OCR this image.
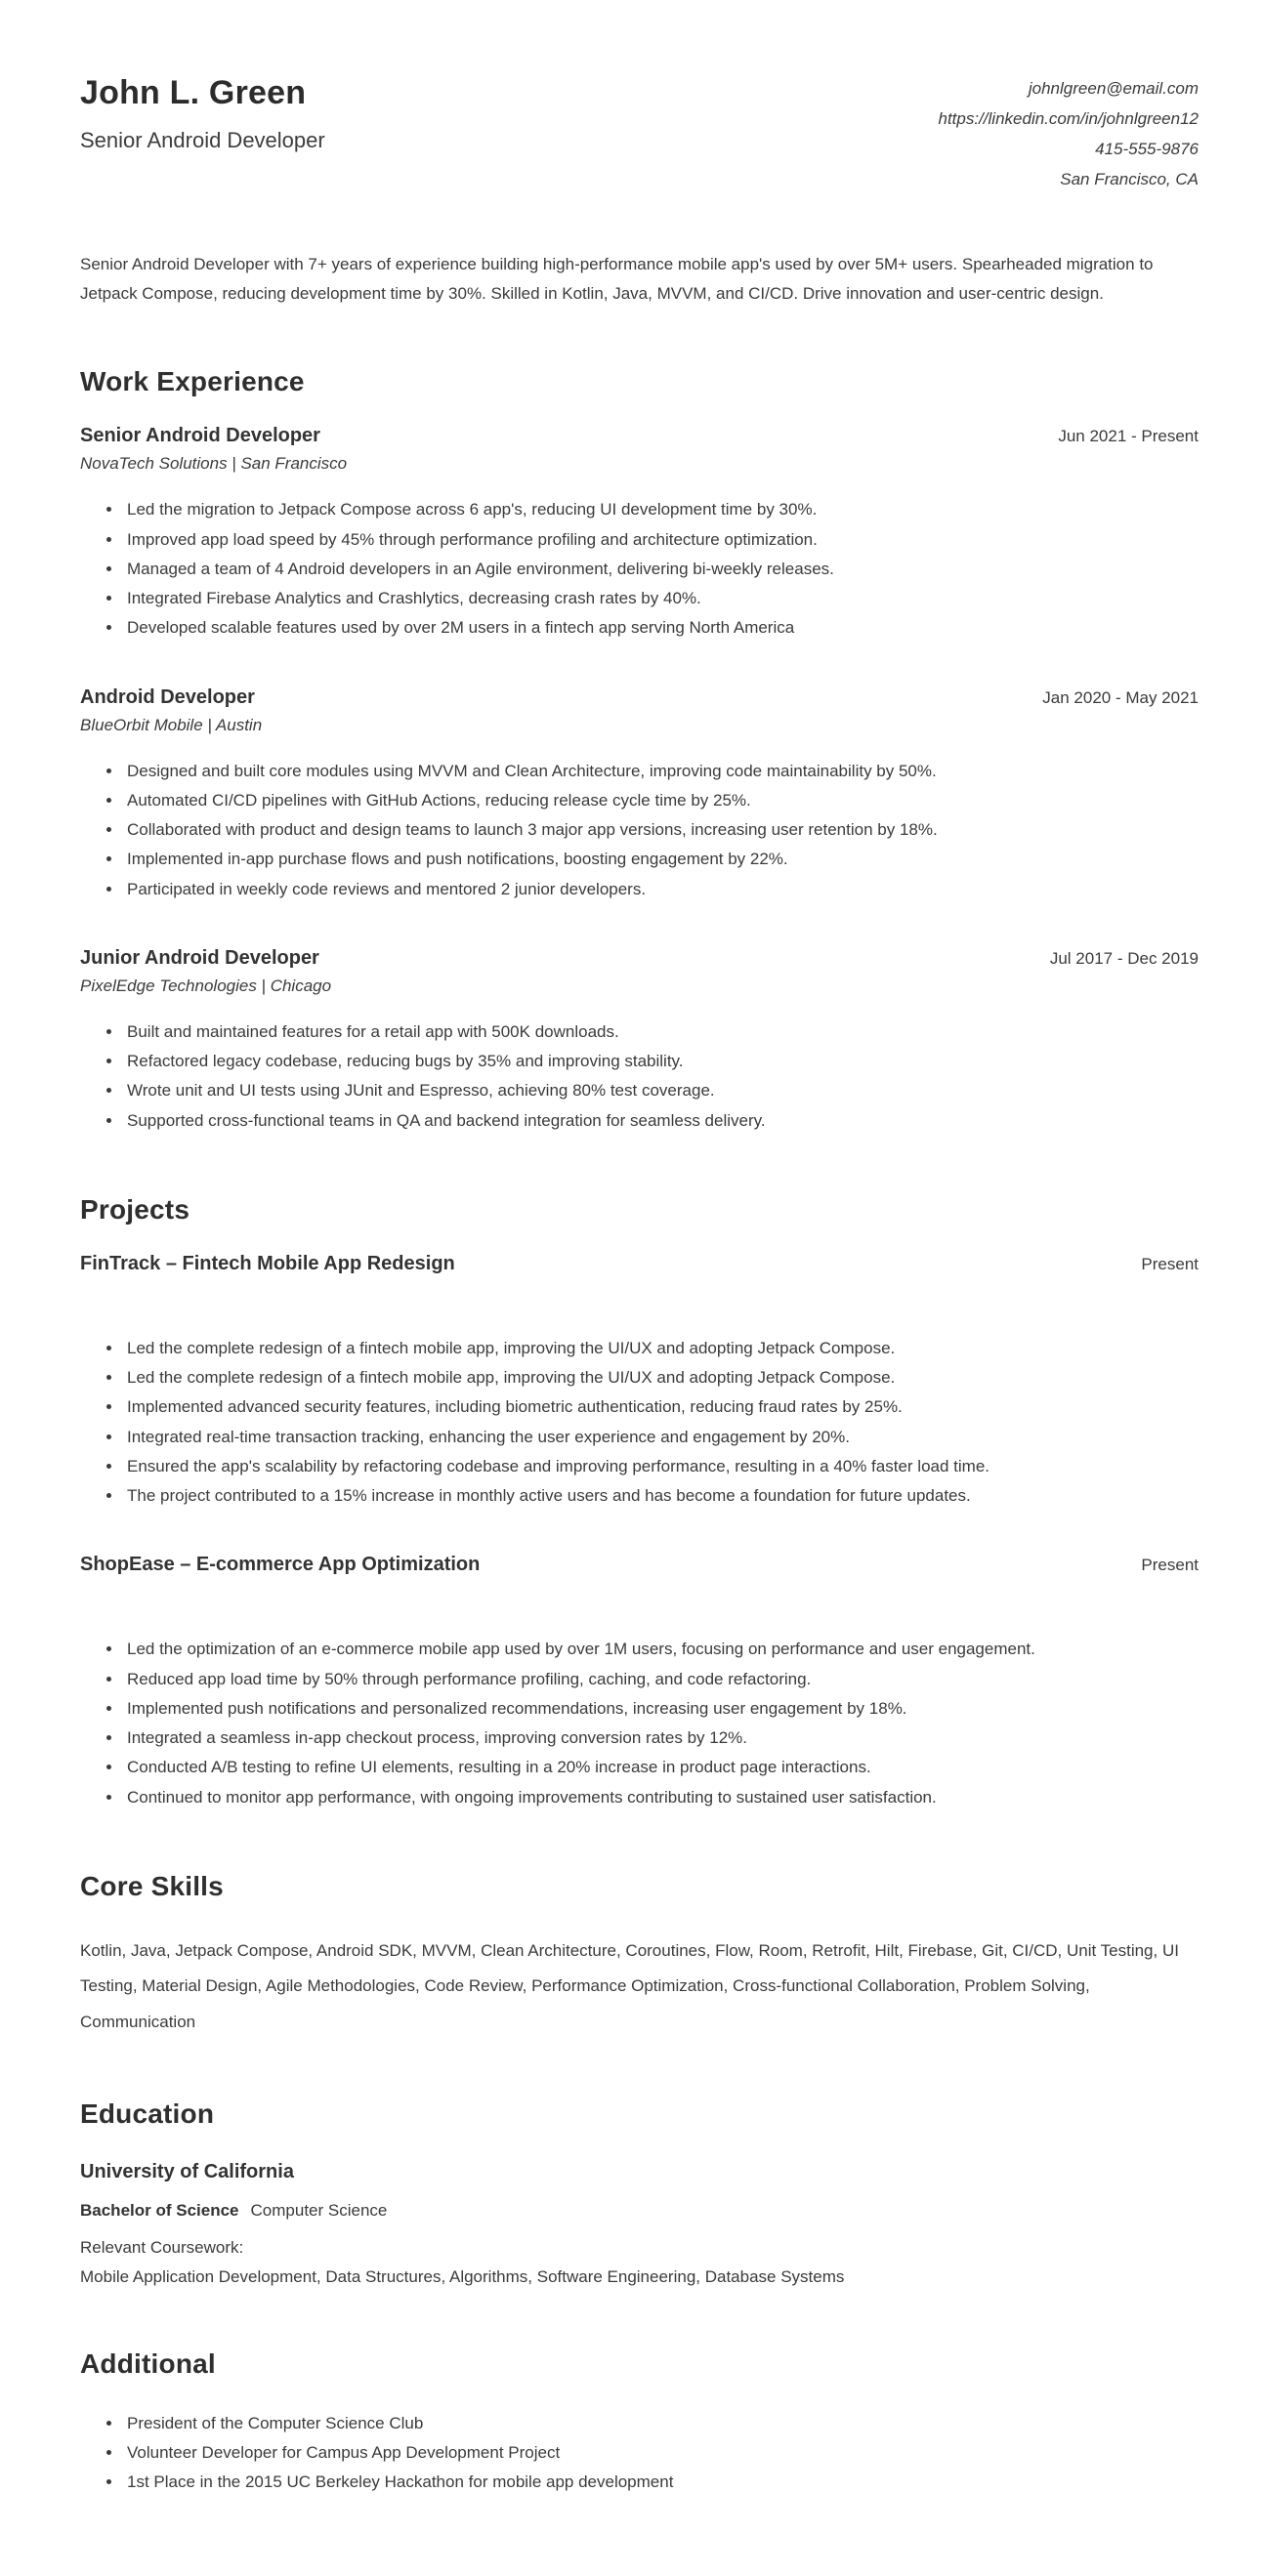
John L. Green
Senior Android Developer
johnlgreen@email.com
https://linkedin.com/in/johnlgreen12
415-555-9876
San Francisco, CA

Senior Android Developer with 7+ years of experience building high-performance mobile app's used by over 5M+ users. Spearheaded migration to Jetpack Compose, reducing development time by 30%. Skilled in Kotlin, Java, MVVM, and CI/CD. Drive innovation and user-centric design.

Work Experience
Senior Android Developer	Jun 2021 - Present
NovaTech Solutions | San Francisco
• Led the migration to Jetpack Compose across 6 app's, reducing UI development time by 30%.
• Improved app load speed by 45% through performance profiling and architecture optimization.
• Managed a team of 4 Android developers in an Agile environment, delivering bi-weekly releases.
• Integrated Firebase Analytics and Crashlytics, decreasing crash rates by 40%.
• Developed scalable features used by over 2M users in a fintech app serving North America
Android Developer	Jan 2020 - May 2021
BlueOrbit Mobile | Austin
• Designed and built core modules using MVVM and Clean Architecture, improving code maintainability by 50%.
• Automated CI/CD pipelines with GitHub Actions, reducing release cycle time by 25%.
• Collaborated with product and design teams to launch 3 major app versions, increasing user retention by 18%.
• Implemented in-app purchase flows and push notifications, boosting engagement by 22%.
• Participated in weekly code reviews and mentored 2 junior developers.
Junior Android Developer	Jul 2017 - Dec 2019
PixelEdge Technologies | Chicago
• Built and maintained features for a retail app with 500K downloads.
• Refactored legacy codebase, reducing bugs by 35% and improving stability.
• Wrote unit and UI tests using JUnit and Espresso, achieving 80% test coverage.
• Supported cross-functional teams in QA and backend integration for seamless delivery.
Projects
FinTrack – Fintech Mobile App Redesign	Present
• Led the complete redesign of a fintech mobile app, improving the UI/UX and adopting Jetpack Compose.
• Led the complete redesign of a fintech mobile app, improving the UI/UX and adopting Jetpack Compose.
• Implemented advanced security features, including biometric authentication, reducing fraud rates by 25%.
• Integrated real-time transaction tracking, enhancing the user experience and engagement by 20%.
• Ensured the app's scalability by refactoring codebase and improving performance, resulting in a 40% faster load time.
• The project contributed to a 15% increase in monthly active users and has become a foundation for future updates.
ShopEase – E-commerce App Optimization	Present
• Led the optimization of an e-commerce mobile app used by over 1M users, focusing on performance and user engagement.
• Reduced app load time by 50% through performance profiling, caching, and code refactoring.
• Implemented push notifications and personalized recommendations, increasing user engagement by 18%.
• Integrated a seamless in-app checkout process, improving conversion rates by 12%.
• Conducted A/B testing to refine UI elements, resulting in a 20% increase in product page interactions.
• Continued to monitor app performance, with ongoing improvements contributing to sustained user satisfaction.
Core Skills

Kotlin, Java, Jetpack Compose, Android SDK, MVVM, Clean Architecture, Coroutines, Flow, Room, Retrofit, Hilt, Firebase, Git, CI/CD, Unit Testing, UI Testing, Material Design, Agile Methodologies, Code Review, Performance Optimization, Cross-functional Collaboration, Problem Solving, Communication

Education
University of California
Bachelor of Science Computer Science
Relevant Coursework:
Mobile Application Development, Data Structures, Algorithms, Software Engineering, Database Systems
Additional
• President of the Computer Science Club
• Volunteer Developer for Campus App Development Project
• 1st Place in the 2015 UC Berkeley Hackathon for mobile app development
